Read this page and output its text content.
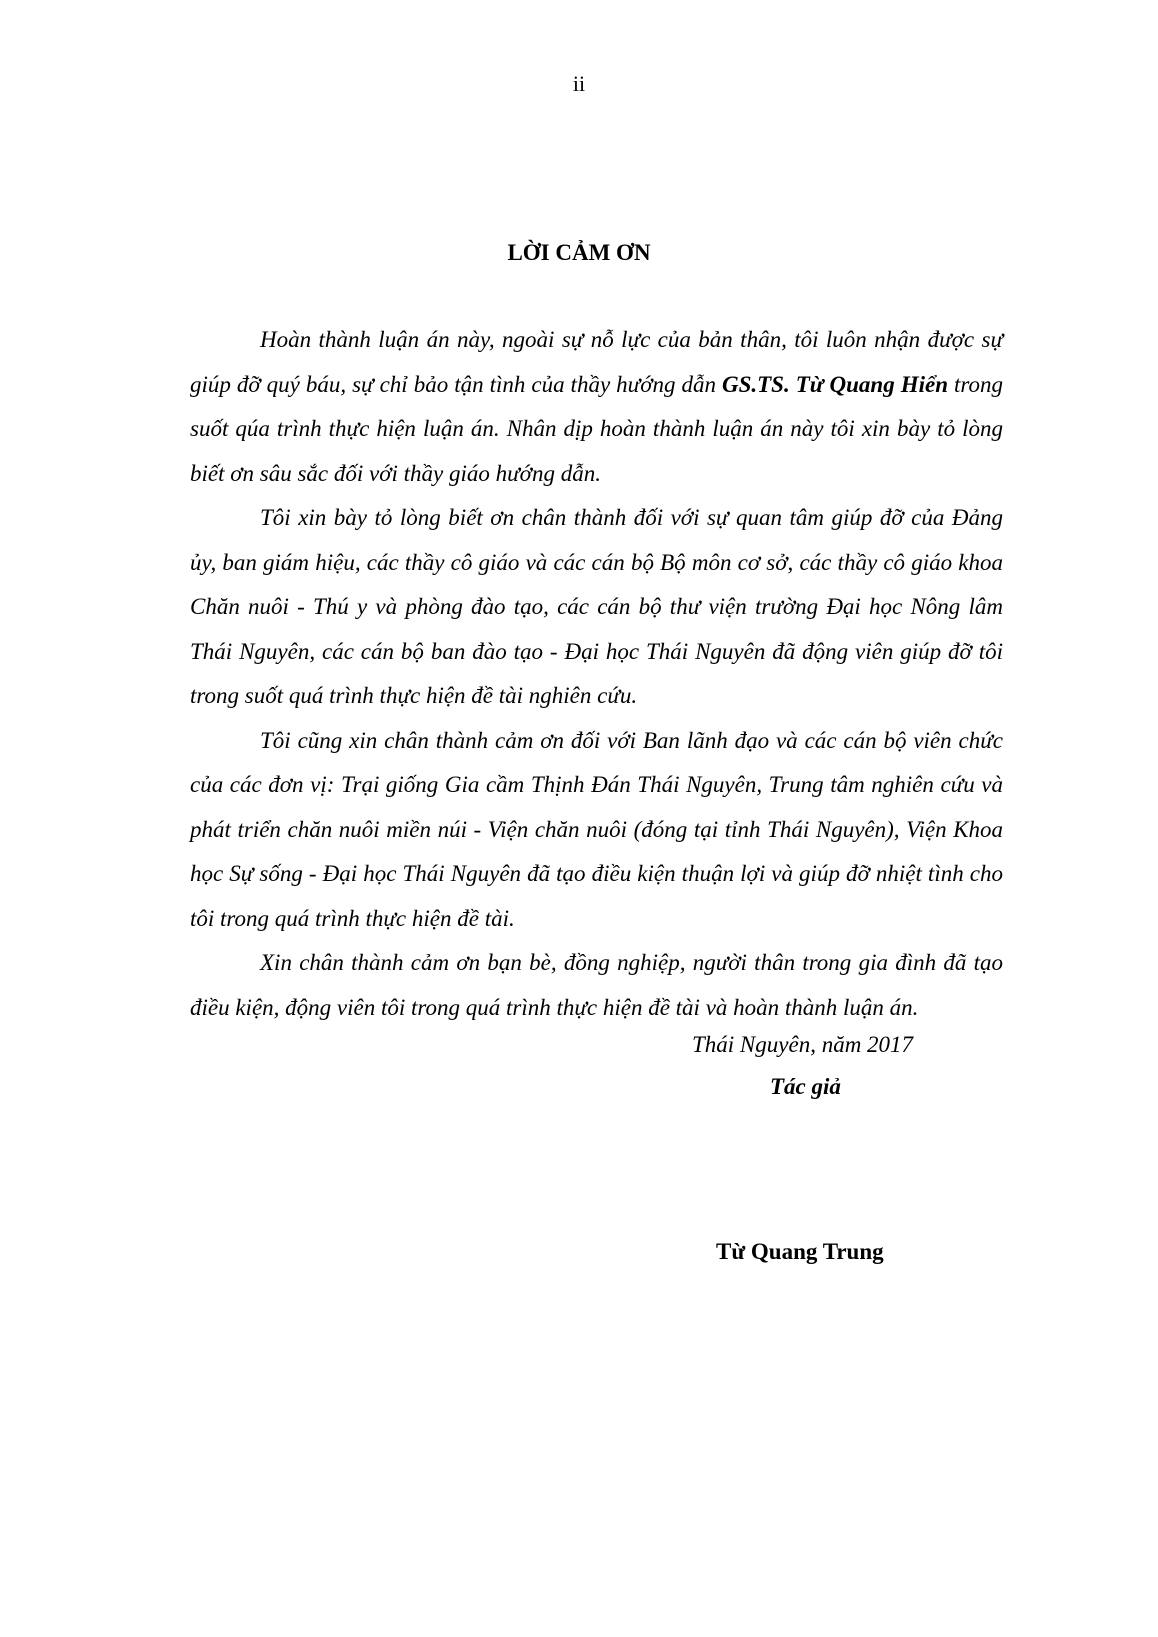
ii
LỜI CẢM ƠN

Hoàn thành luận án này, ngoài sự nỗ lực của bản thân, tôi luôn nhận được sự giúp đỡ quý báu, sự chỉ bảo tận tình của thầy hướng dẫn GS.TS. Từ Quang Hiển trong suốt qúa trình thực hiện luận án. Nhân dịp hoàn thành luận án này tôi xin bày tỏ lòng biết ơn sâu sắc đối với thầy giáo hướng dẫn.

Tôi xin bày tỏ lòng biết ơn chân thành đối với sự quan tâm giúp đỡ của Đảng ủy, ban giám hiệu, các thầy cô giáo và các cán bộ Bộ môn cơ sở, các thầy cô giáo khoa Chăn nuôi - Thú y và phòng đào tạo, các cán bộ thư viện trường Đại học Nông lâm Thái Nguyên, các cán bộ ban đào tạo - Đại học Thái Nguyên đã động viên giúp đỡ tôi trong suốt quá trình thực hiện đề tài nghiên cứu.

Tôi cũng xin chân thành cảm ơn đối với Ban lãnh đạo và các cán bộ viên chức của các đơn vị: Trại giống Gia cầm Thịnh Đán Thái Nguyên, Trung tâm nghiên cứu và phát triển chăn nuôi miền núi - Viện chăn nuôi (đóng tại tỉnh Thái Nguyên), Viện Khoa học Sự sống - Đại học Thái Nguyên đã tạo điều kiện thuận lợi và giúp đỡ nhiệt tình cho tôi trong quá trình thực hiện đề tài.

Xin chân thành cảm ơn bạn bè, đồng nghiệp, người thân trong gia đình đã tạo điều kiện, động viên tôi trong quá trình thực hiện đề tài và hoàn thành luận án.

Thái Nguyên, năm 2017
Tác giả
Từ Quang Trung
